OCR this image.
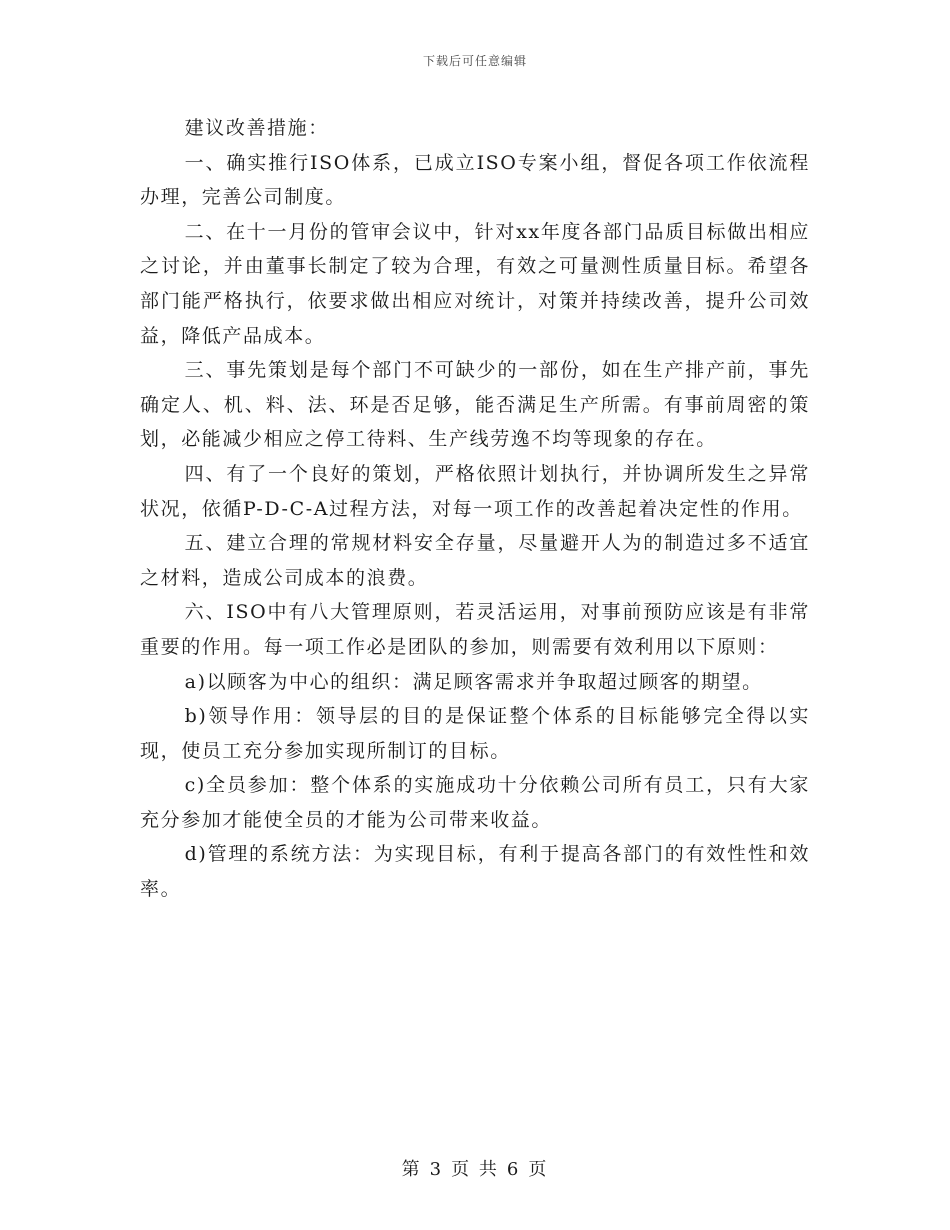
下载后可任意编辑

建议改善措施：

一、确实推行ISO体系，已成立ISO专案小组，督促各项工作依流程办理，完善公司制度。

二、在十一月份的管审会议中，针对xx年度各部门品质目标做出相应之讨论，并由董事长制定了较为合理，有效之可量测性质量目标。希望各部门能严格执行，依要求做出相应对统计，对策并持续改善，提升公司效益，降低产品成本。

三、事先策划是每个部门不可缺少的一部份，如在生产排产前，事先确定人、机、料、法、环是否足够，能否满足生产所需。有事前周密的策划，必能减少相应之停工待料、生产线劳逸不均等现象的存在。

四、有了一个良好的策划，严格依照计划执行，并协调所发生之异常状况，依循P-D-C-A过程方法，对每一项工作的改善起着决定性的作用。

五、建立合理的常规材料安全存量，尽量避开人为的制造过多不适宜之材料，造成公司成本的浪费。

六、ISO中有八大管理原则，若灵活运用，对事前预防应该是有非常重要的作用。每一项工作必是团队的参加，则需要有效利用以下原则：

a)以顾客为中心的组织：满足顾客需求并争取超过顾客的期望。

b)领导作用：领导层的目的是保证整个体系的目标能够完全得以实现，使员工充分参加实现所制订的目标。

c)全员参加：整个体系的实施成功十分依赖公司所有员工，只有大家充分参加才能使全员的才能为公司带来收益。

d)管理的系统方法：为实现目标，有利于提高各部门的有效性性和效率。

第 3 页 共 6 页
